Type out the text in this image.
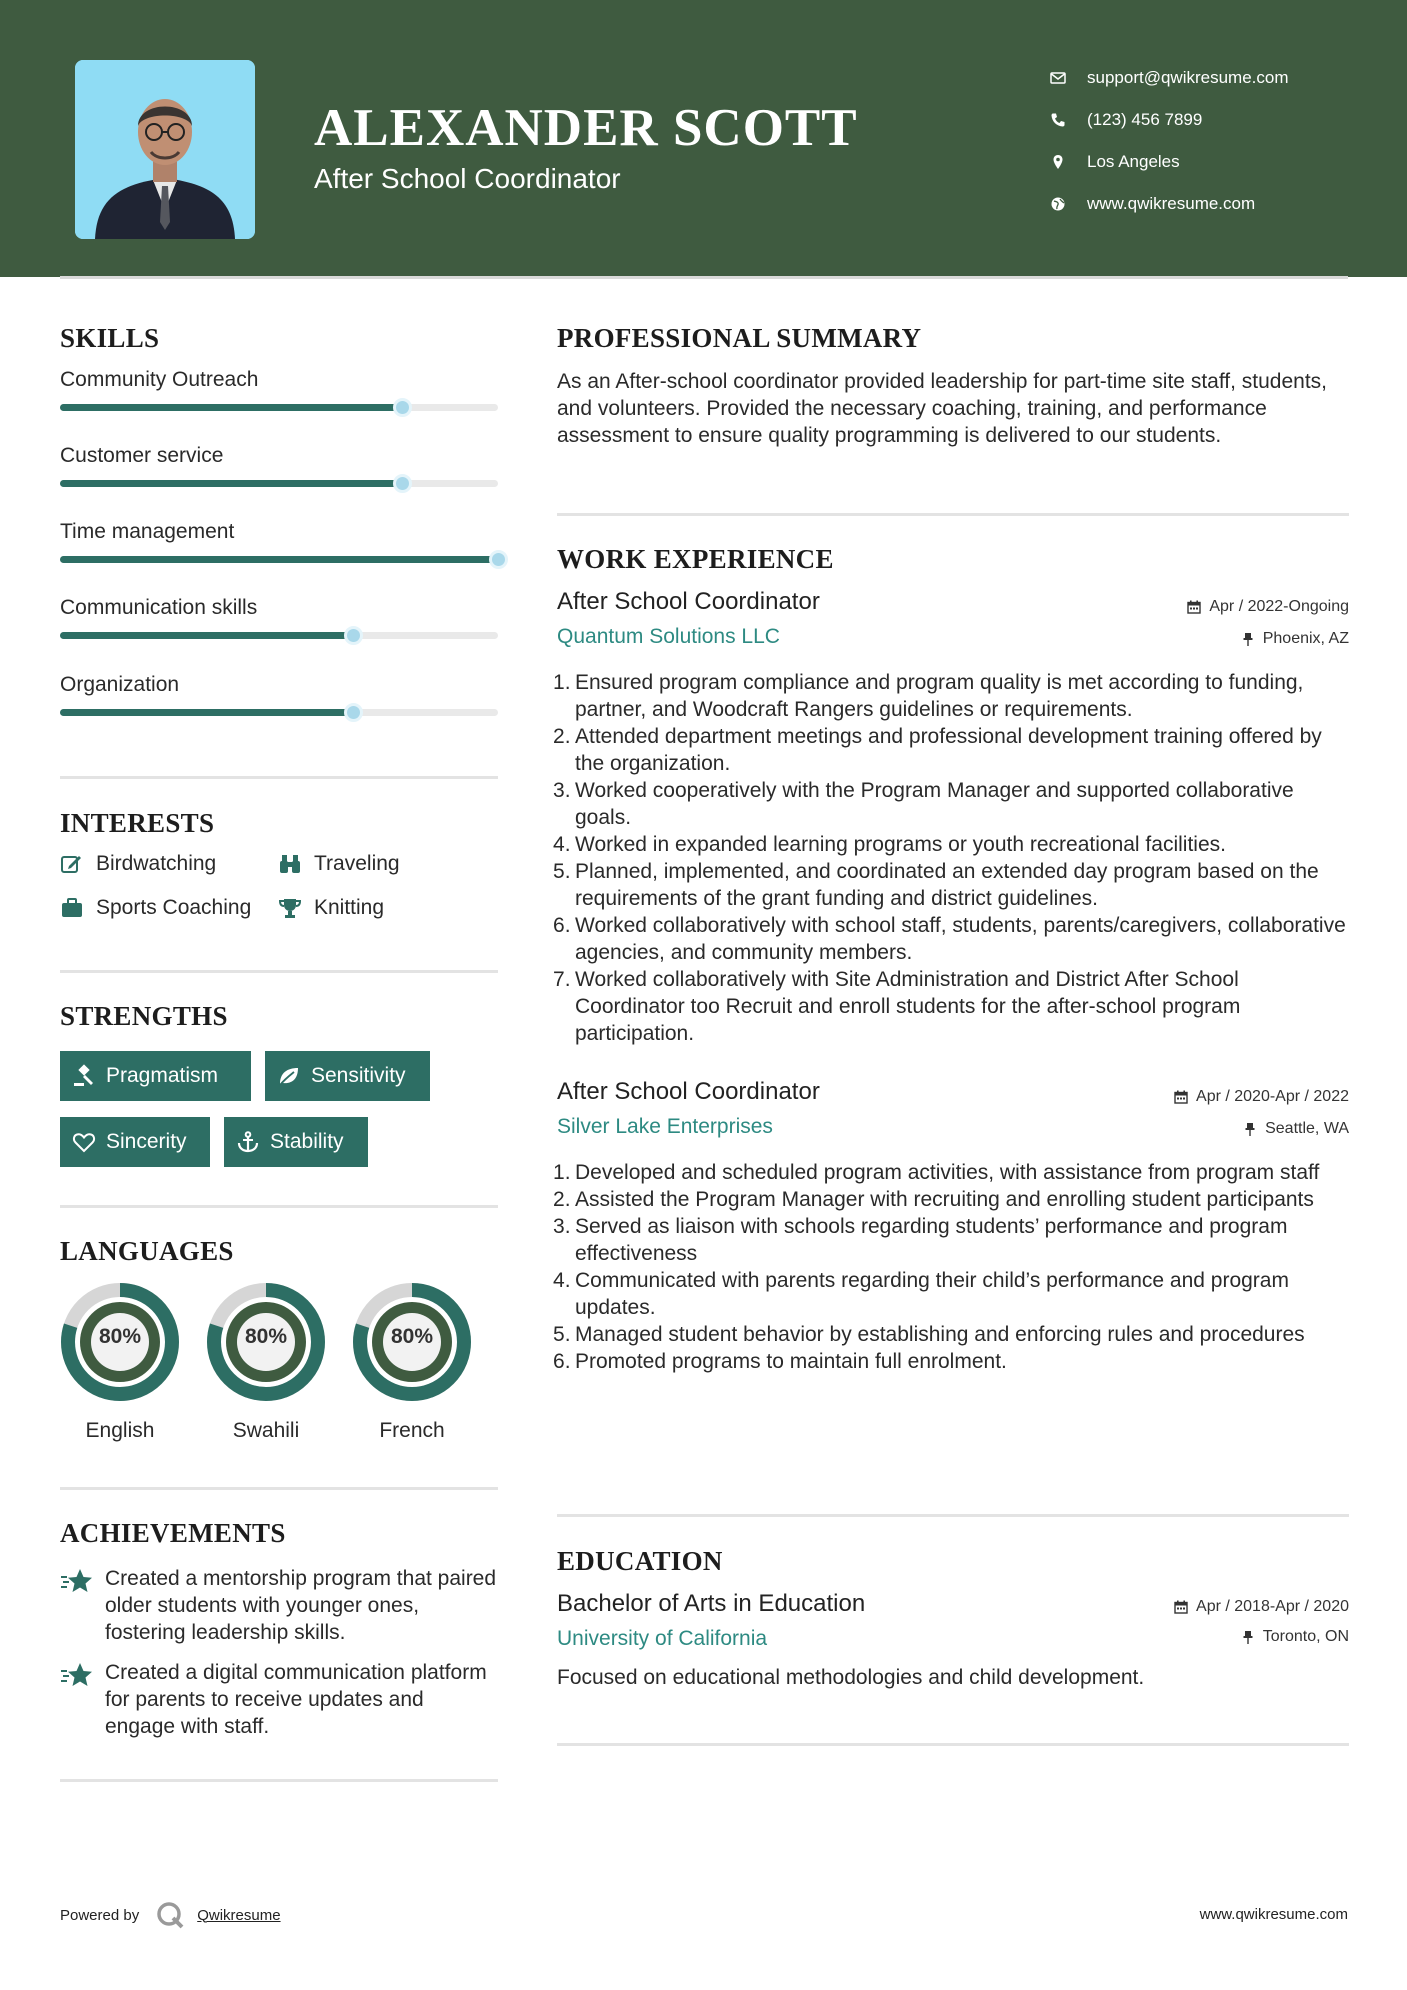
ALEXANDER SCOTT
After School Coordinator
support@qwikresume.com
(123) 456 7899
Los Angeles
www.qwikresume.com
SKILLS
Community Outreach
Customer service
Time management
Communication skills
Organization
INTERESTS
Birdwatching	Traveling
Sports Coaching	Knitting
STRENGTHS
Pragmatism	Sensitivity
Sincerity	Stability
LANGUAGES
80%
English
80%
Swahili
80%
French
ACHIEVEMENTS
Created a mentorship program that paired older students with younger ones, fostering leadership skills.
Created a digital communication platform for parents to receive updates and engage with staff.
PROFESSIONAL SUMMARY
As an After-school coordinator provided leadership for part-time site staff, students, and volunteers. Provided the necessary coaching, training, and performance assessment to ensure quality programming is delivered to our students.
WORK EXPERIENCE
After School Coordinator
Quantum Solutions LLC
Apr / 2022-Ongoing
Phoenix, AZ
Ensured program compliance and program quality is met according to funding, partner, and Woodcraft Rangers guidelines or requirements.
Attended department meetings and professional development training offered by the organization.
Worked cooperatively with the Program Manager and supported collaborative goals.
Worked in expanded learning programs or youth recreational facilities.
Planned, implemented, and coordinated an extended day program based on the requirements of the grant funding and district guidelines.
Worked collaboratively with school staff, students, parents/caregivers, collaborative agencies, and community members.
Worked collaboratively with Site Administration and District After School Coordinator too Recruit and enroll students for the after-school program participation.
After School Coordinator
Silver Lake Enterprises
Apr / 2020-Apr / 2022
Seattle, WA
Developed and scheduled program activities, with assistance from program staff
Assisted the Program Manager with recruiting and enrolling student participants
Served as liaison with schools regarding students’ performance and program effectiveness
Communicated with parents regarding their child’s performance and program updates.
Managed student behavior by establishing and enforcing rules and procedures
Promoted programs to maintain full enrolment.
EDUCATION
Bachelor of Arts in Education
University of California
Apr / 2018-Apr / 2020
Toronto, ON
Focused on educational methodologies and child development.
Powered by	Qwikresume	www.qwikresume.com
